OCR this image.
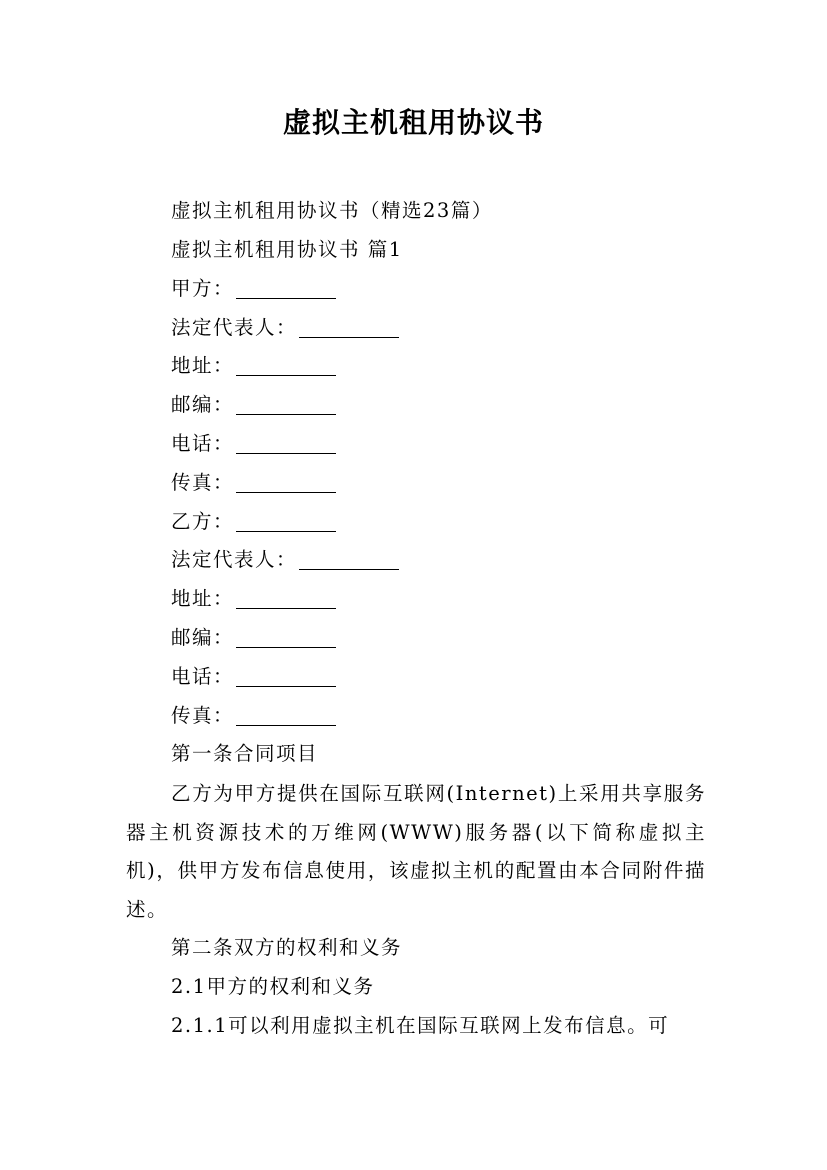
虚拟主机租用协议书
虚拟主机租用协议书（精选23篇）
虚拟主机租用协议书 篇1
甲方：
法定代表人：
地址：
邮编：
电话：
传真：
乙方：
法定代表人：
地址：
邮编：
电话：
传真：
第一条合同项目
乙方为甲方提供在国际互联网(Internet)上采用共享服务器主机资源技术的万维网(WWW)服务器(以下简称虚拟主机)，供甲方发布信息使用，该虚拟主机的配置由本合同附件描述。
第二条双方的权利和义务
2.1甲方的权利和义务
2.1.1可以利用虚拟主机在国际互联网上发布信息。可
